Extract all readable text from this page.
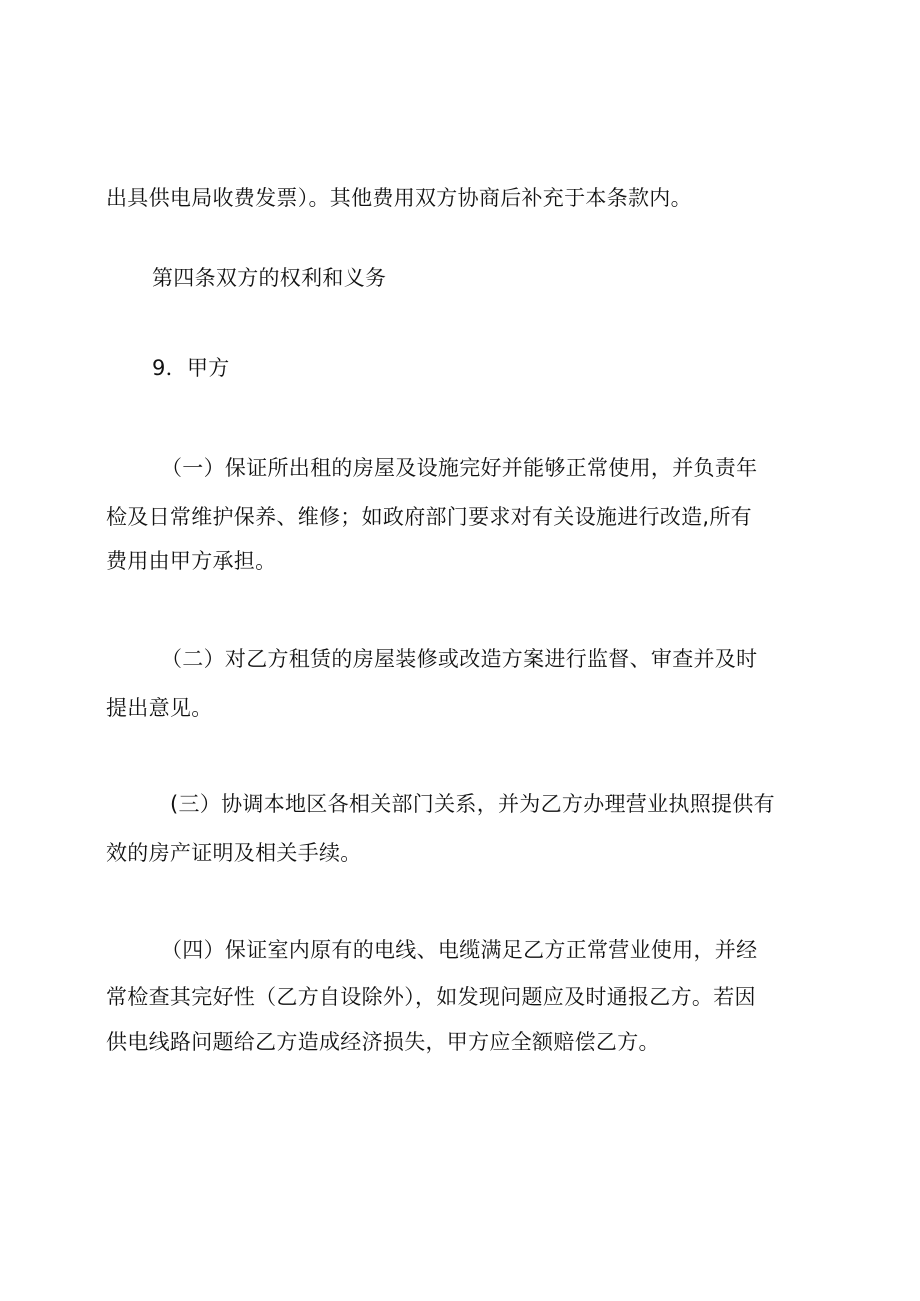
出具供电局收费发票）。其他费用双方协商后补充于本条款内。
第四条双方的权利和义务
9．甲方
（一）保证所出租的房屋及设施完好并能够正常使用，并负责年
检及日常维护保养、维修；如政府部门要求对有关设施进行改造,所有
费用由甲方承担。
（二）对乙方租赁的房屋装修或改造方案进行监督、审查并及时
提出意见。
(三）协调本地区各相关部门关系，并为乙方办理营业执照提供有
效的房产证明及相关手续。
（四）保证室内原有的电线、电缆满足乙方正常营业使用，并经
常检查其完好性（乙方自设除外），如发现问题应及时通报乙方。若因
供电线路问题给乙方造成经济损失，甲方应全额赔偿乙方。
